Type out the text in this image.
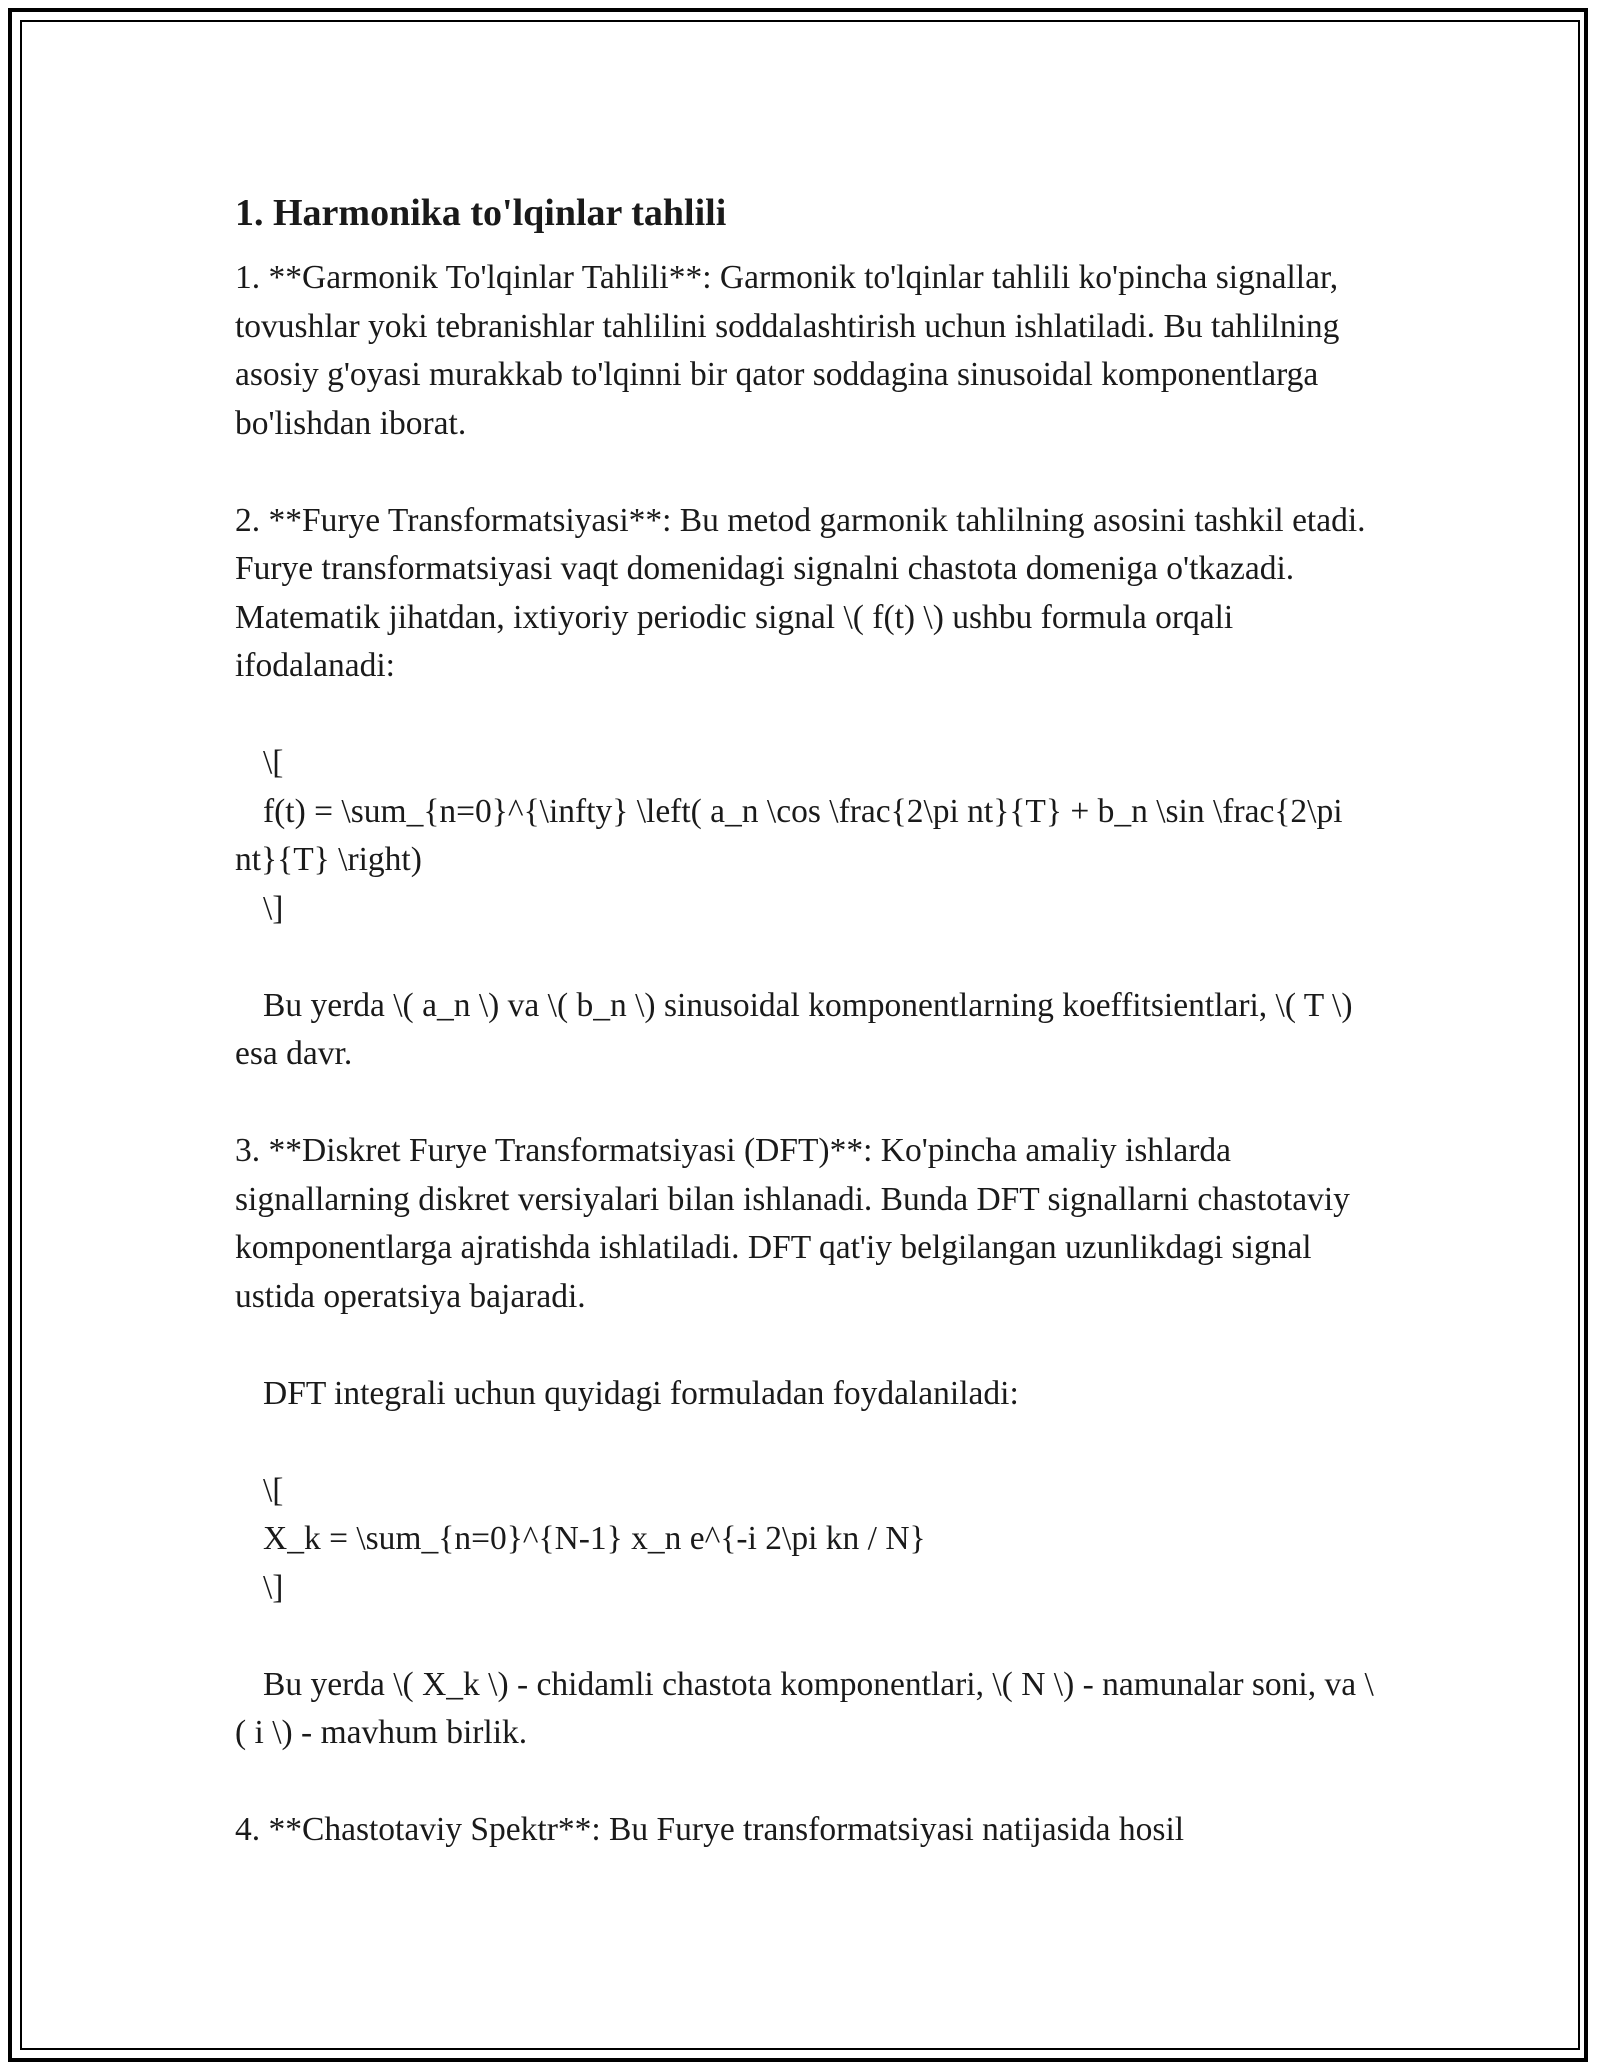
1. Harmonika to'lqinlar tahlili

1. **Garmonik To'lqinlar Tahlili**: Garmonik to'lqinlar tahlili ko'pincha signallar, tovushlar yoki tebranishlar tahlilini soddalashtirish uchun ishlatiladi. Bu tahlilning asosiy g'oyasi murakkab to'lqinni bir qator soddagina sinusoidal komponentlarga bo'lishdan iborat.

2. **Furye Transformatsiyasi**: Bu metod garmonik tahlilning asosini tashkil etadi. Furye transformatsiyasi vaqt domenidagi signalni chastota domeniga o'tkazadi. Matematik jihatdan, ixtiyoriy periodic signal \( f(t) \) ushbu formula orqali ifodalanadi:

\[

f(t) = \sum_{n=0}^{\infty} \left( a_n \cos \frac{2\pi nt}{T} + b_n \sin \frac{2\pi nt}{T} \right)

\]

Bu yerda \( a_n \) va \( b_n \) sinusoidal komponentlarning koeffitsientlari, \( T \) esa davr.

3. **Diskret Furye Transformatsiyasi (DFT)**: Ko'pincha amaliy ishlarda signallarning diskret versiyalari bilan ishlanadi. Bunda DFT signallarni chastotaviy komponentlarga ajratishda ishlatiladi. DFT qat'iy belgilangan uzunlikdagi signal ustida operatsiya bajaradi.

DFT integrali uchun quyidagi formuladan foydalaniladi:

\[

X_k = \sum_{n=0}^{N-1} x_n e^{-i 2\pi kn / N}

\]

Bu yerda \( X_k \) - chidamli chastota komponentlari, \( N \) - namunalar soni, va \( i \) - mavhum birlik.

4. **Chastotaviy Spektr**: Bu Furye transformatsiyasi natijasida hosil
